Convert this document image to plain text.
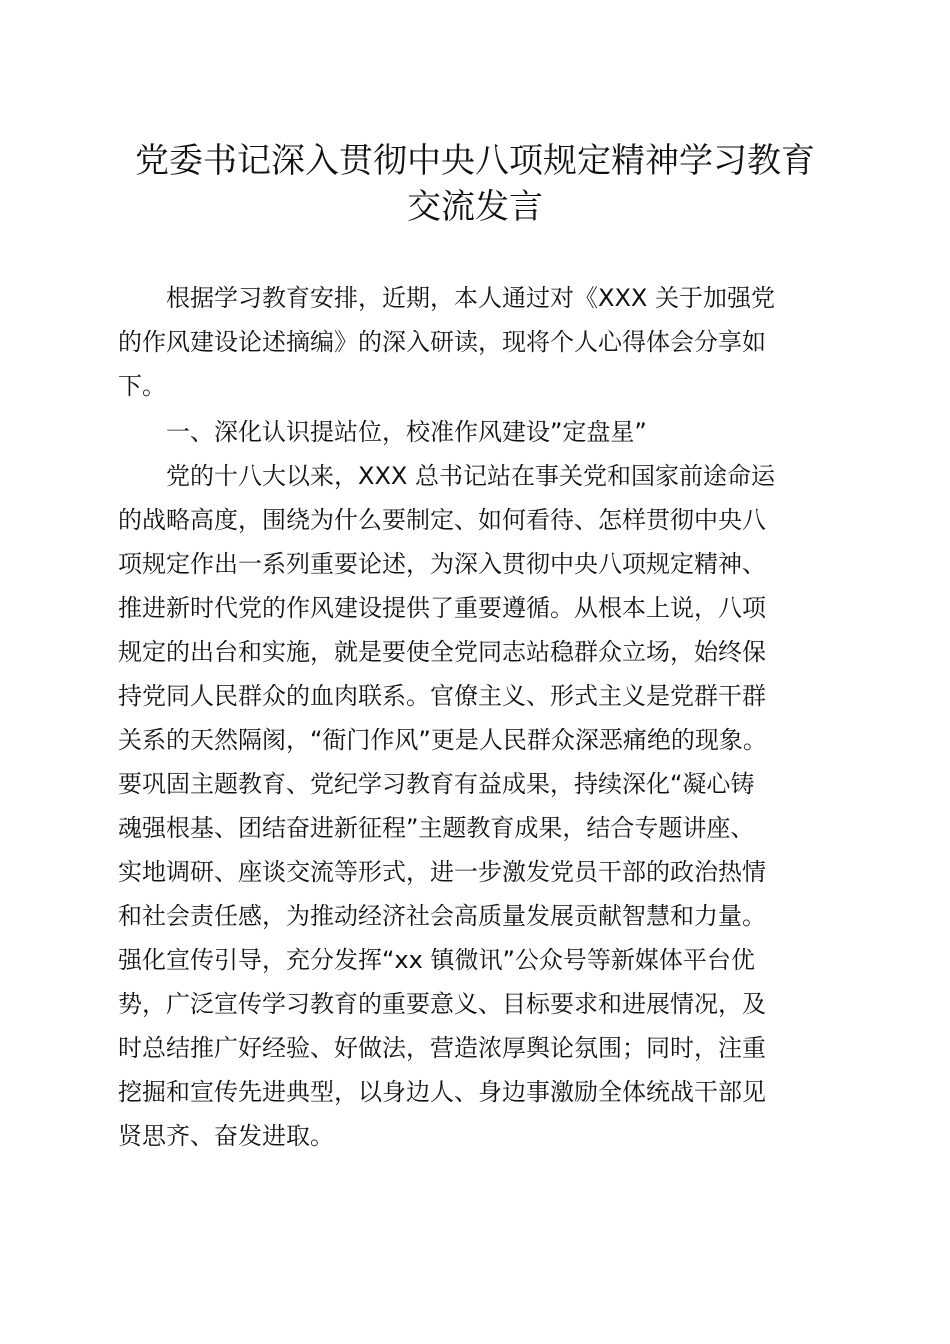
党委书记深入贯彻中央八项规定精神学习教育
交流发言

根据学习教育安排，近期，本人通过对《XXX 关于加强党

的作风建设论述摘编》的深入研读，现将个人心得体会分享如

下。

一、深化认识提站位，校准作风建设”定盘星”

党的十八大以来，XXX 总书记站在事关党和国家前途命运

的战略高度，围绕为什么要制定、如何看待、怎样贯彻中央八

项规定作出一系列重要论述，为深入贯彻中央八项规定精神、

推进新时代党的作风建设提供了重要遵循。从根本上说，八项

规定的出台和实施，就是要使全党同志站稳群众立场，始终保

持党同人民群众的血肉联系。官僚主义、形式主义是党群干群

关系的天然隔阂，“衙门作风”更是人民群众深恶痛绝的现象。

要巩固主题教育、党纪学习教育有益成果，持续深化“凝心铸

魂强根基、团结奋进新征程”主题教育成果，结合专题讲座、

实地调研、座谈交流等形式，进一步激发党员干部的政治热情

和社会责任感，为推动经济社会高质量发展贡献智慧和力量。

强化宣传引导，充分发挥“xx 镇微讯”公众号等新媒体平台优

势，广泛宣传学习教育的重要意义、目标要求和进展情况，及

时总结推广好经验、好做法，营造浓厚舆论氛围；同时，注重

挖掘和宣传先进典型，以身边人、身边事激励全体统战干部见

贤思齐、奋发进取。
